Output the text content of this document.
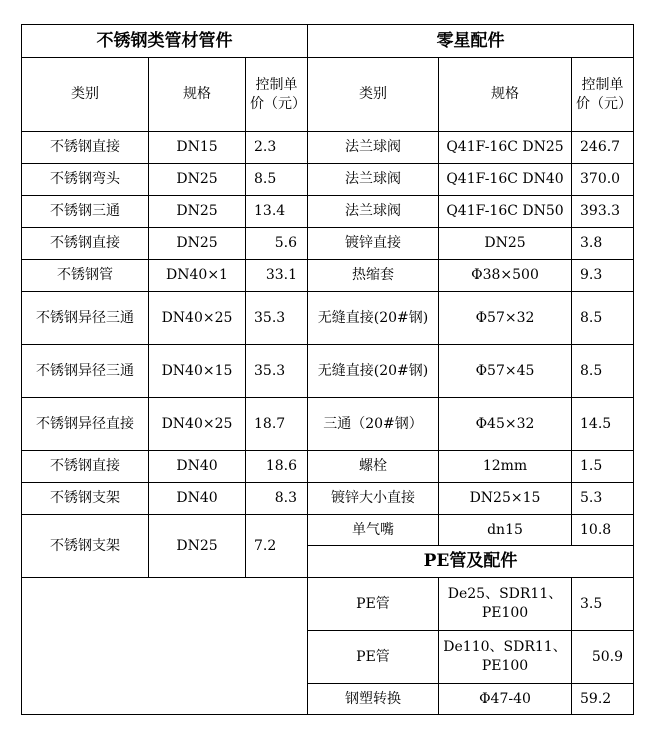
不锈钢类管材管件			零星配件		
类别	规格	控制单价（元）	类别	规格	控制单价（元）
不锈钢直接	DN15	2.3	法兰球阀	Q41F-16C DN25	246.7
不锈钢弯头	DN25	8.5	法兰球阀	Q41F-16C DN40	370.0
不锈钢三通	DN25	13.4	法兰球阀	Q41F-16C DN50	393.3
不锈钢直接	DN25	5.6	镀锌直接	DN25	3.8
不锈钢管	DN40×1	33.1	热缩套	Φ38×500	9.3
不锈钢异径三通	DN40×25	35.3	无缝直接(20#钢)	Φ57×32	8.5
不锈钢异径三通	DN40×15	35.3	无缝直接(20#钢)	Φ57×45	8.5
不锈钢异径直接	DN40×25	18.7	三通（20#钢）	Φ45×32	14.5
不锈钢直接	DN40	18.6	螺栓	12mm	1.5
不锈钢支架	DN40	8.3	镀锌大小直接	DN25×15	5.3
不锈钢支架	DN25	7.2	单气嘴	dn15	10.8
			PE管及配件		
			PE管	De25、SDR11、PE100	3.5
			PE管	De110、SDR11、PE100	50.9
			钢塑转换	Φ47-40	59.2
